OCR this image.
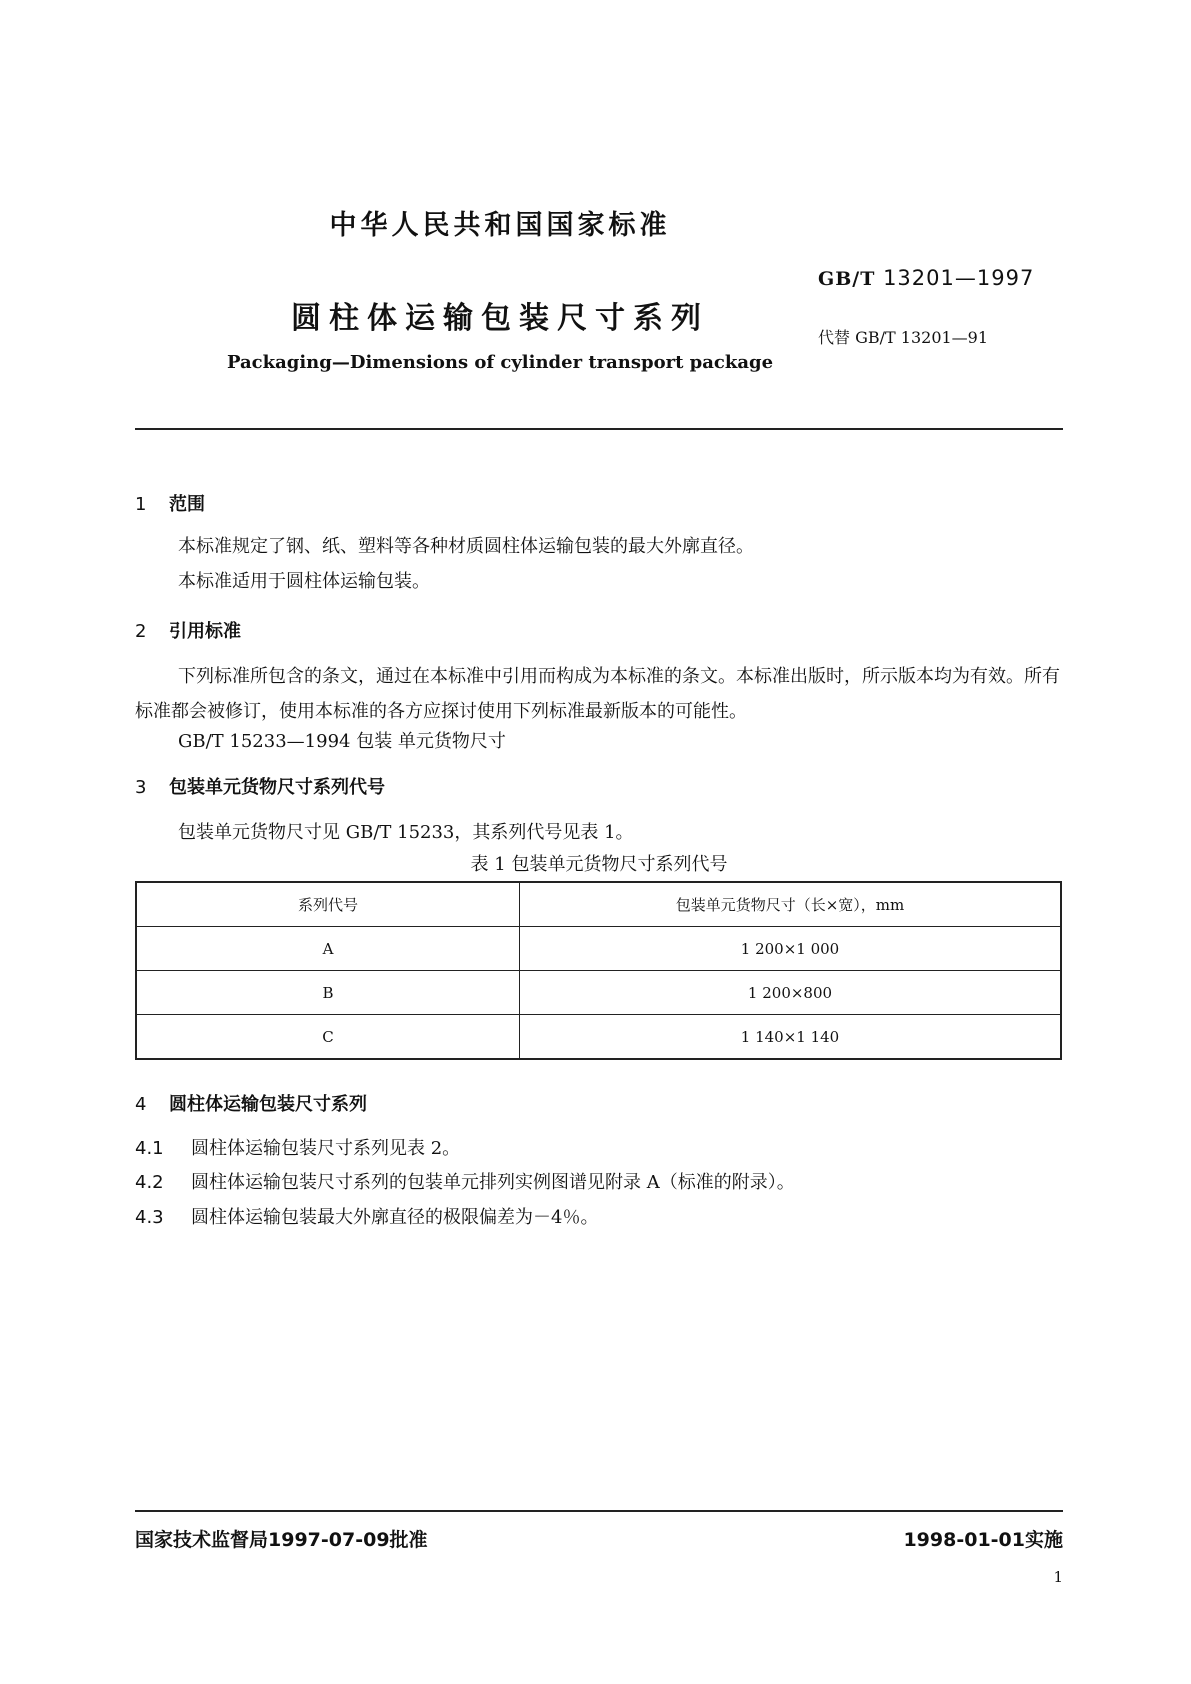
中华人民共和国国家标准
GB/T 13201—1997
圆柱体运输包装尺寸系列
代替 GB/T 13201—91
Packaging—Dimensions of cylinder transport package
1 范围
本标准规定了钢、纸、塑料等各种材质圆柱体运输包装的最大外廓直径。
本标准适用于圆柱体运输包装。
2 引用标准
下列标准所包含的条文，通过在本标准中引用而构成为本标准的条文。本标准出版时，所示版本均为有效。所有标准都会被修订，使用本标准的各方应探讨使用下列标准最新版本的可能性。
GB/T 15233—1994 包装 单元货物尺寸
3 包装单元货物尺寸系列代号
包装单元货物尺寸见 GB/T 15233，其系列代号见表 1。
表 1 包装单元货物尺寸系列代号
系列代号	包装单元货物尺寸（长×宽），mm
A	1 200×1 000
B	1 200×800
C	1 140×1 140
4 圆柱体运输包装尺寸系列
4.1 圆柱体运输包装尺寸系列见表 2。
4.2 圆柱体运输包装尺寸系列的包装单元排列实例图谱见附录 A（标准的附录）。
4.3 圆柱体运输包装最大外廓直径的极限偏差为－4％。
国家技术监督局1997-07-09批准	1998-01-01实施
1
